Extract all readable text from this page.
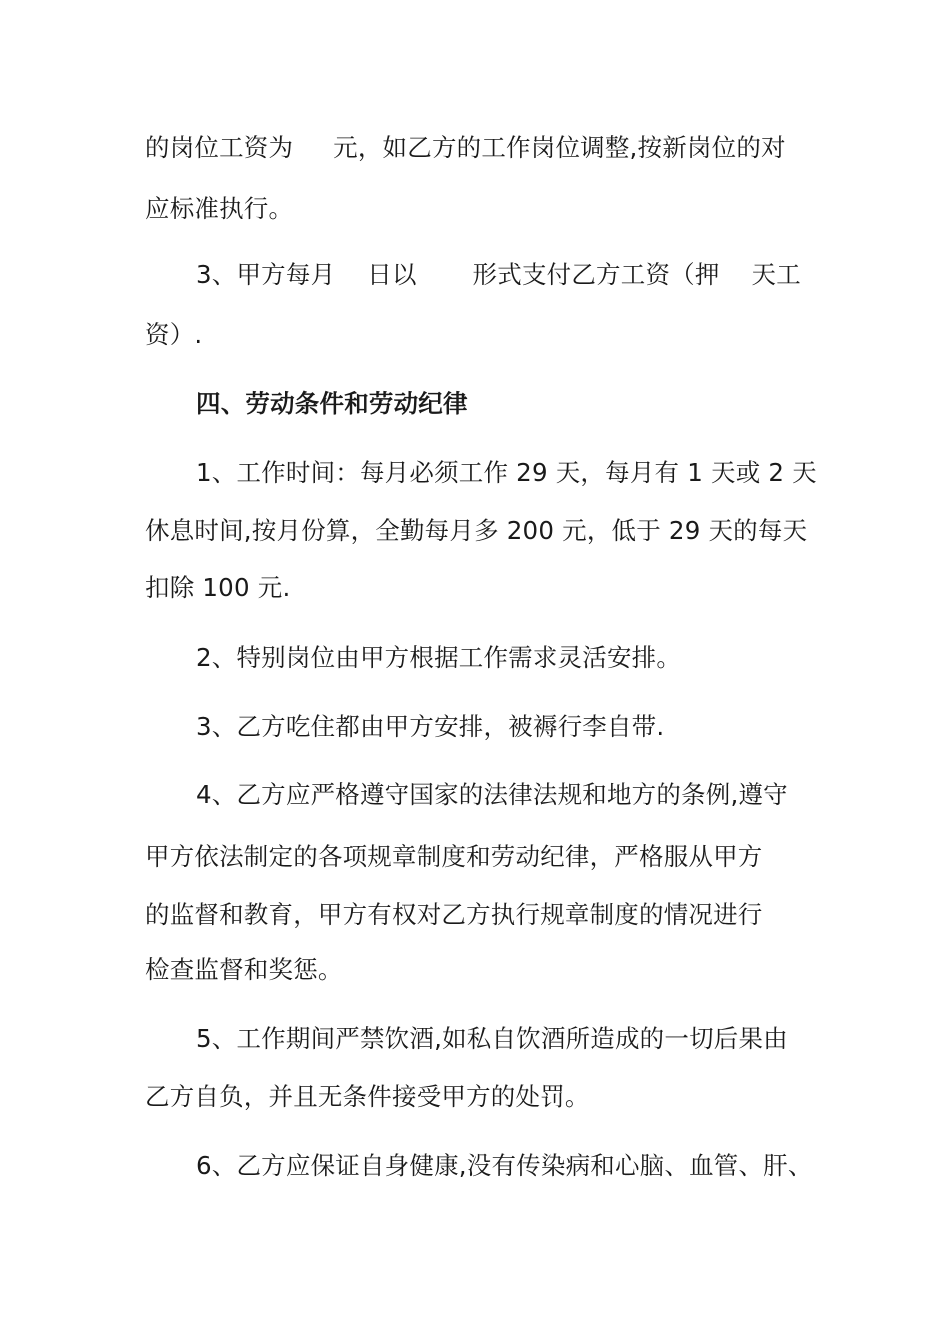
的岗位工资为     元，如乙方的工作岗位调整,按新岗位的对

应标准执行。

3、甲方每月    日以       形式支付乙方工资（押    天工

资）.

四、劳动条件和劳动纪律

1、工作时间：每月必须工作 29 天，每月有 1 天或 2 天

休息时间,按月份算，全勤每月多 200 元，低于 29 天的每天

扣除 100 元.

2、特别岗位由甲方根据工作需求灵活安排。

3、乙方吃住都由甲方安排，被褥行李自带.

4、乙方应严格遵守国家的法律法规和地方的条例,遵守

甲方依法制定的各项规章制度和劳动纪律，严格服从甲方

的监督和教育，甲方有权对乙方执行规章制度的情况进行

检查监督和奖惩。

5、工作期间严禁饮酒,如私自饮酒所造成的一切后果由

乙方自负，并且无条件接受甲方的处罚。

6、乙方应保证自身健康,没有传染病和心脑、血管、肝、
